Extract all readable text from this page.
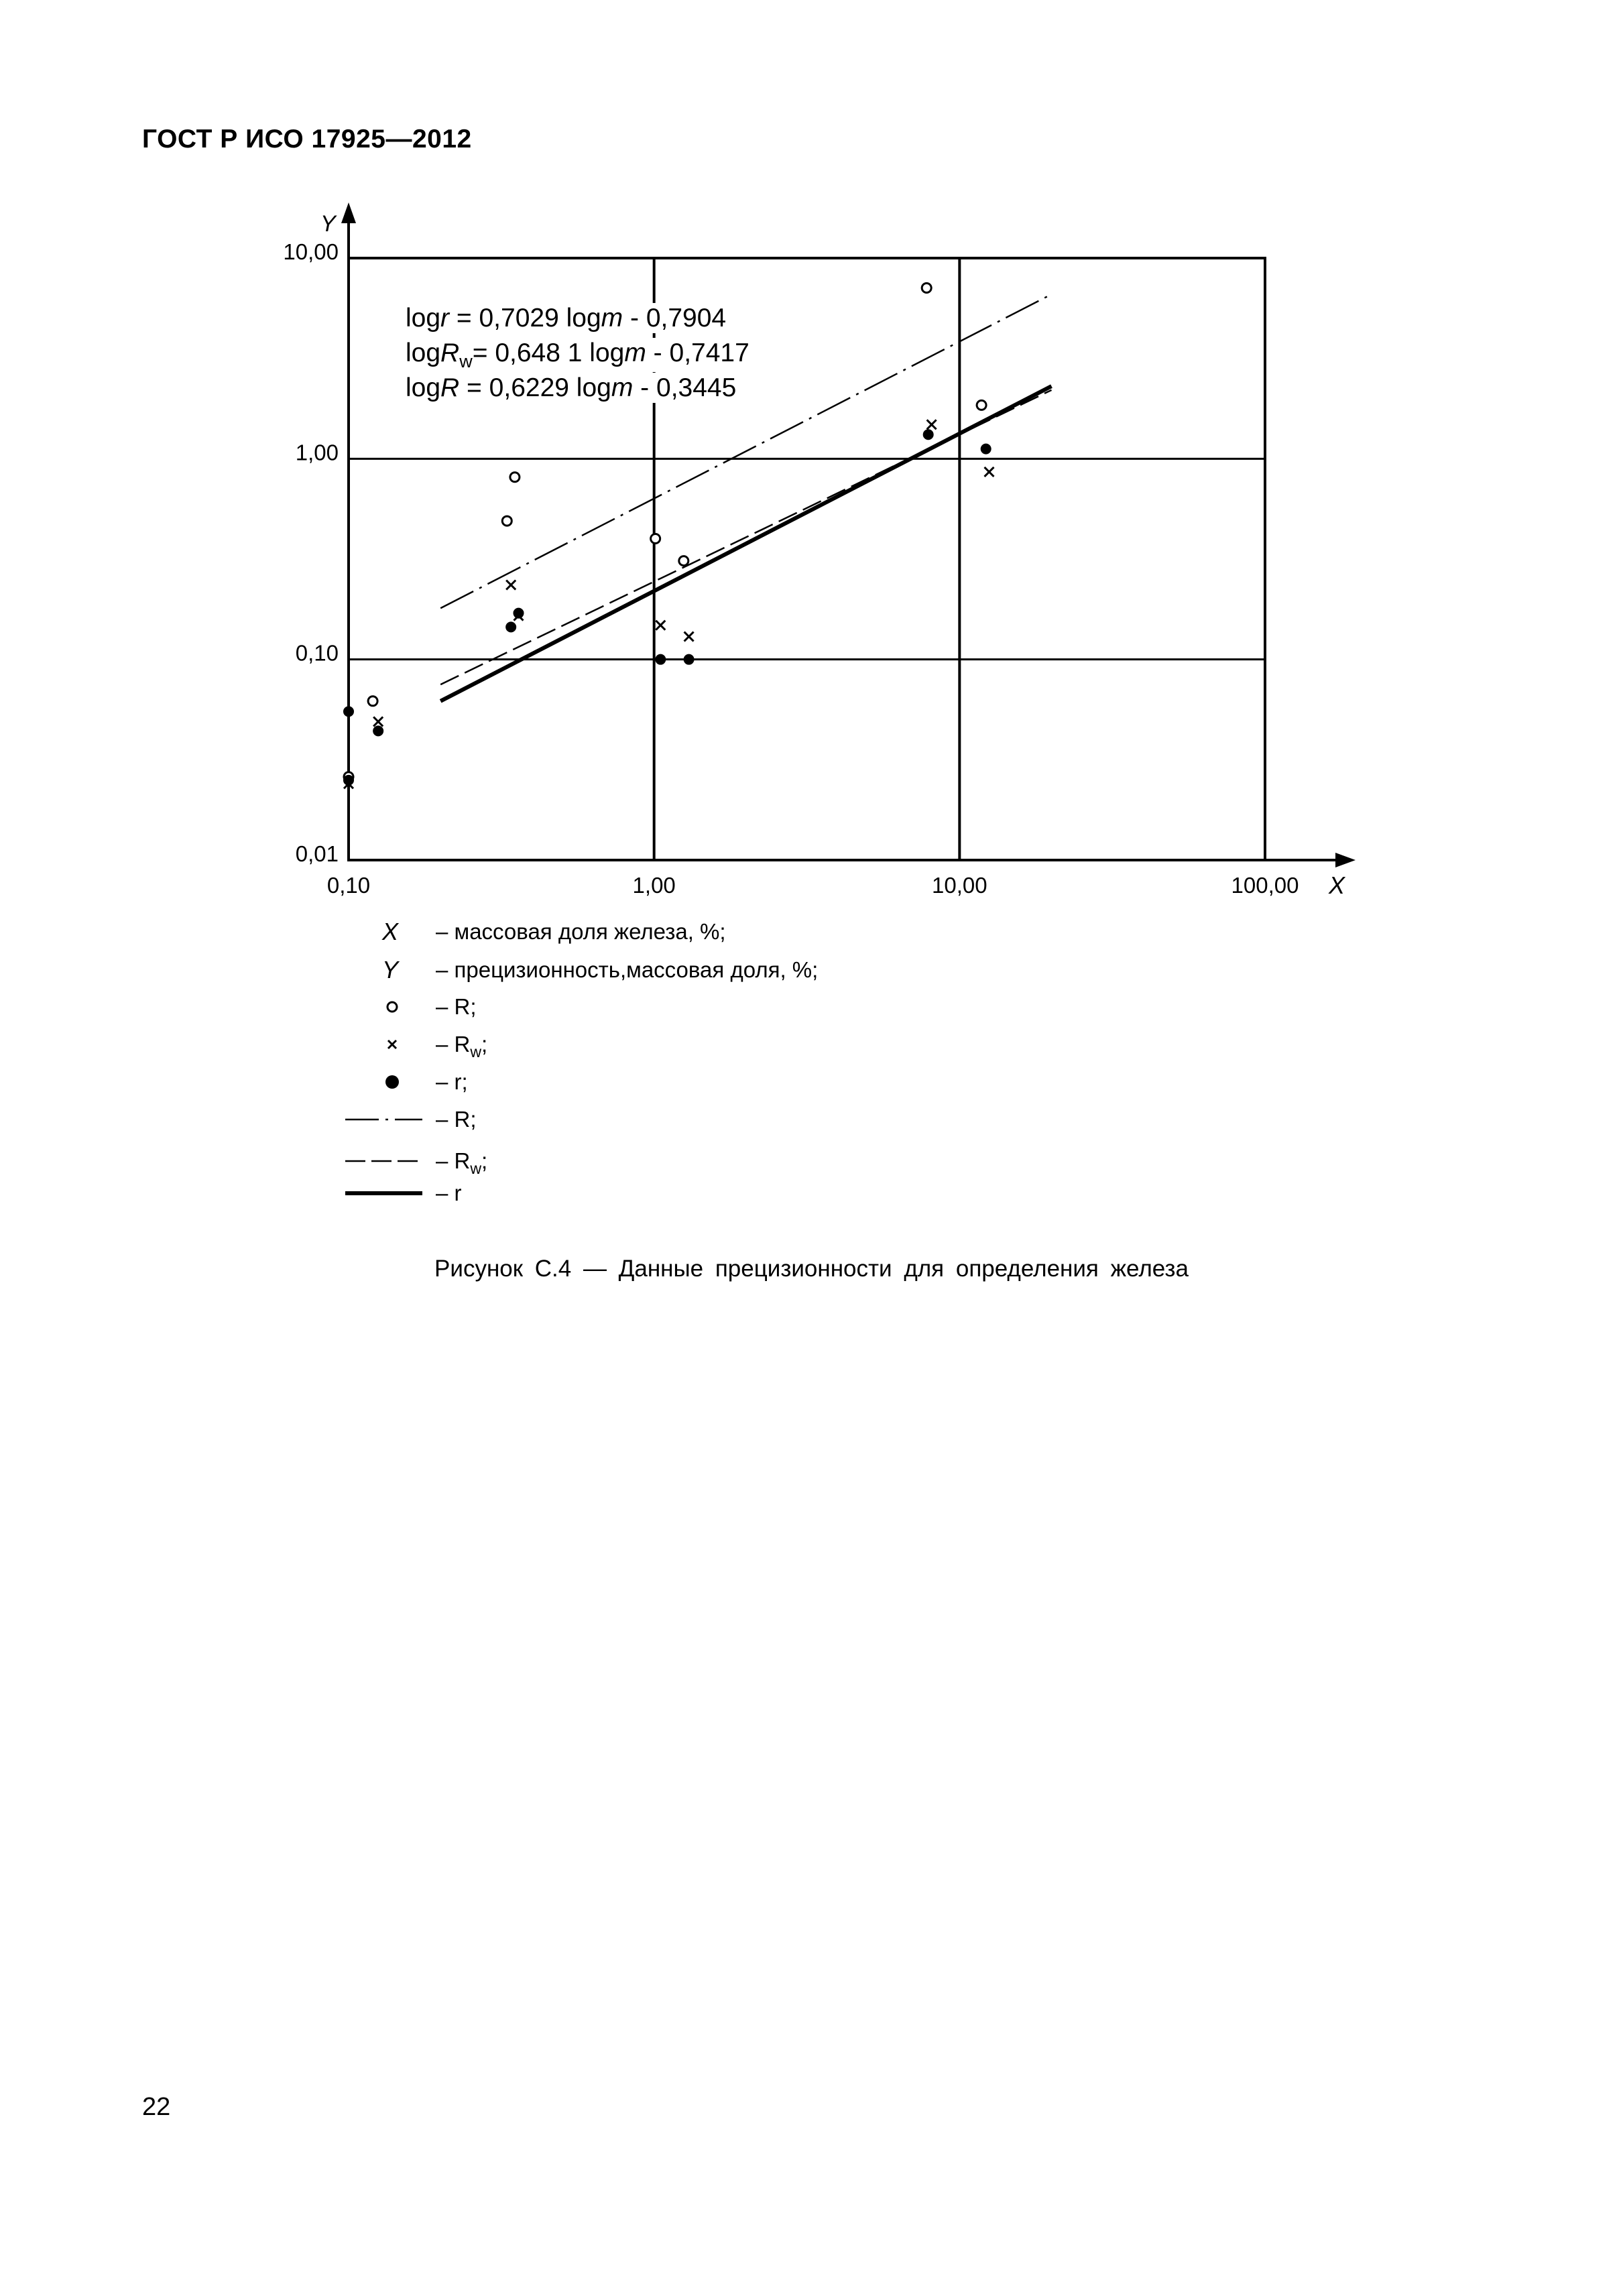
ГОСТ Р ИСО 17925—2012
0,10	1,00	10,00	100,00
0,01
0,10
1,00
10,00
X
Y
logr = 0,7029 logm - 0,7904
logR$_w$= 0,648 1 logm - 0,7417
logR = 0,6229 logm - 0,3445
X – массовая доля железа, %;
Y – прецизионность,массовая доля, %;
– R;
– $R_w$;
– r;
– R;
– $R_w$;
– r
Рисунок С.4 — Данные прецизионности для определения железа
22
